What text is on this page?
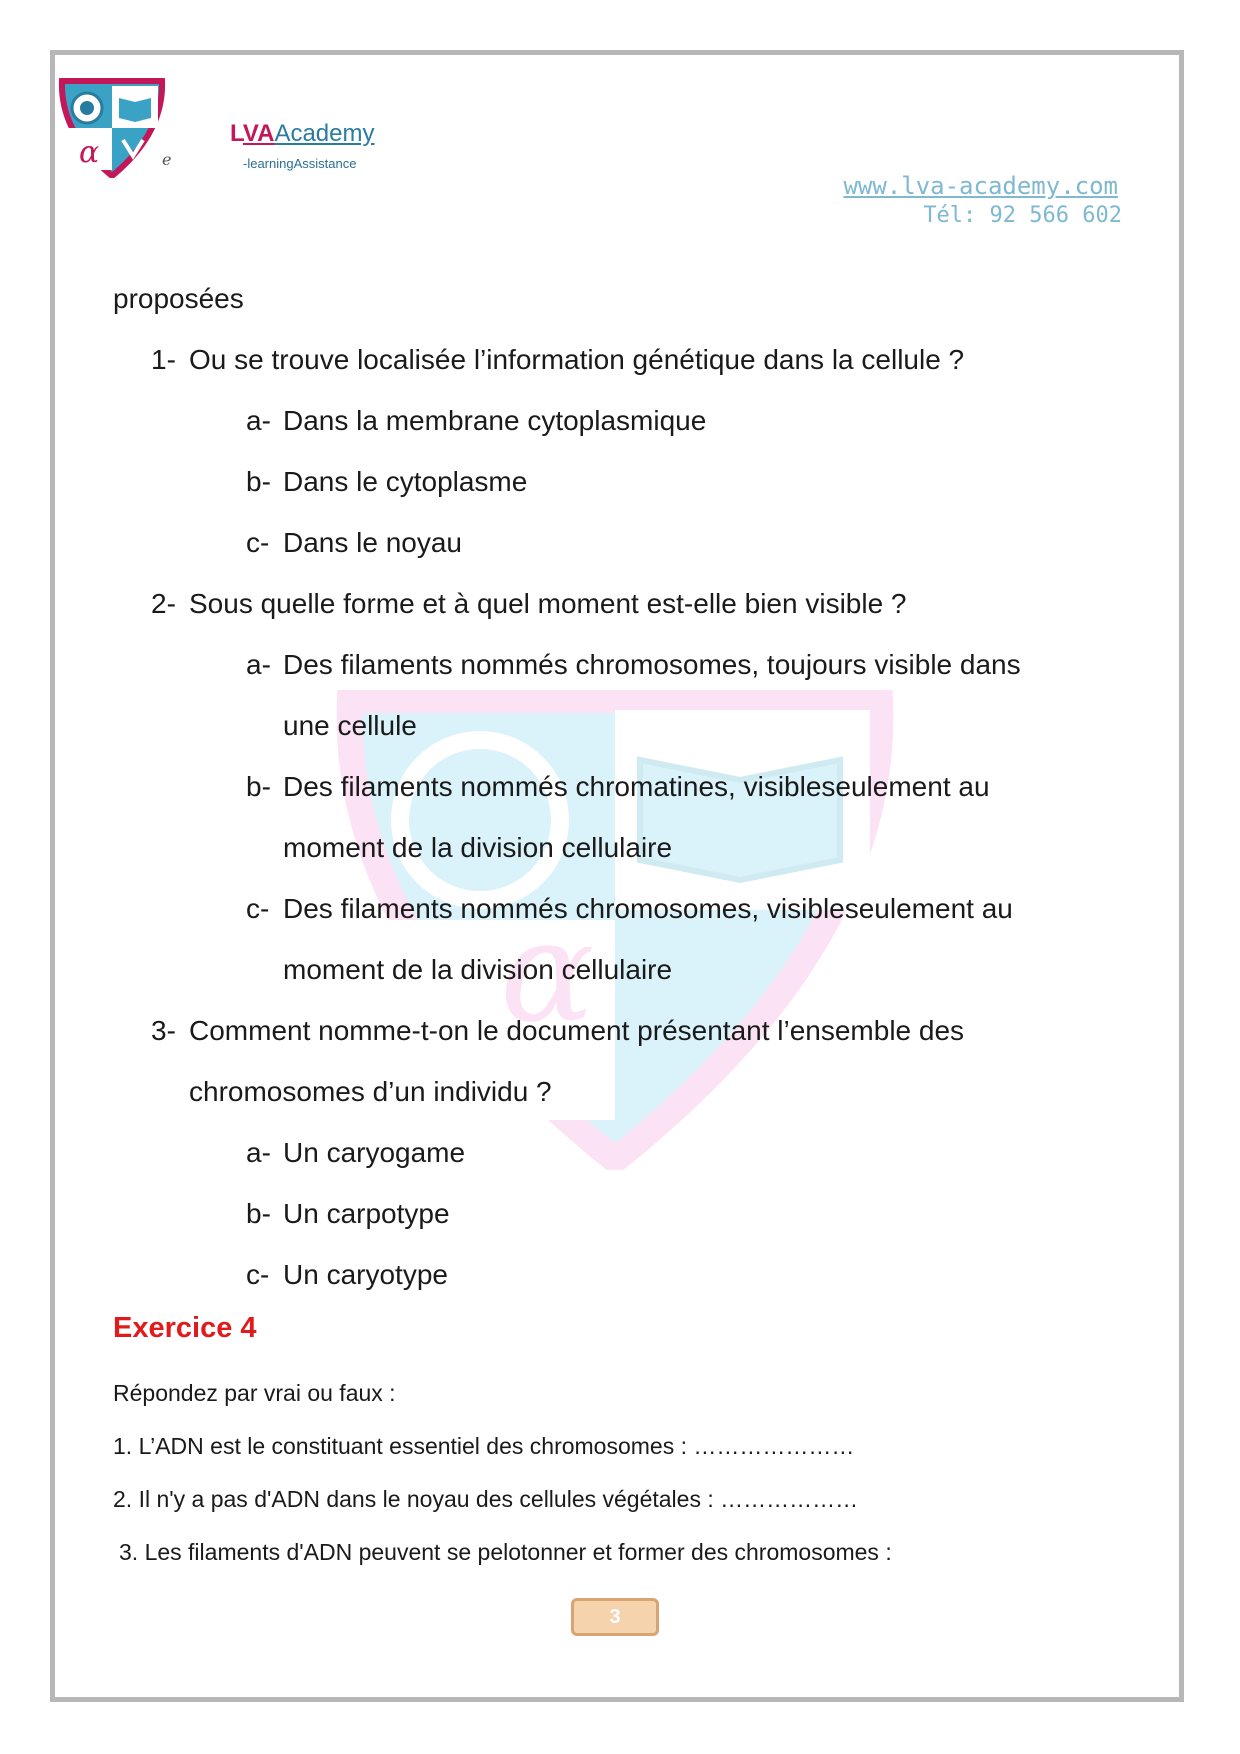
α
α	e
LVAAcademy
-learningAssistance
www.lva-academy.com
Tél: 92 566 602
proposées
1- Ou se trouve localisée l’information génétique dans la cellule ?
a- Dans la membrane cytoplasmique
b- Dans le cytoplasme
c- Dans le noyau
2- Sous quelle forme et à quel moment est-elle bien visible ?
a- Des filaments nommés chromosomes, toujours visible dans
une cellule
b- Des filaments nommés chromatines, visibleseulement au
moment de la division cellulaire
c- Des filaments nommés chromosomes, visibleseulement au
moment de la division cellulaire
3- Comment nomme-t-on le document présentant l’ensemble des
chromosomes d’un individu ?
a- Un caryogame
b- Un carpotype
c- Un caryotype
Exercice 4
Répondez par vrai ou faux :
1. L’ADN est le constituant essentiel des chromosomes : …………………
2. Il n'y a pas d'ADN dans le noyau des cellules végétales : ………………
3. Les filaments d'ADN peuvent se pelotonner et former des chromosomes :
3
